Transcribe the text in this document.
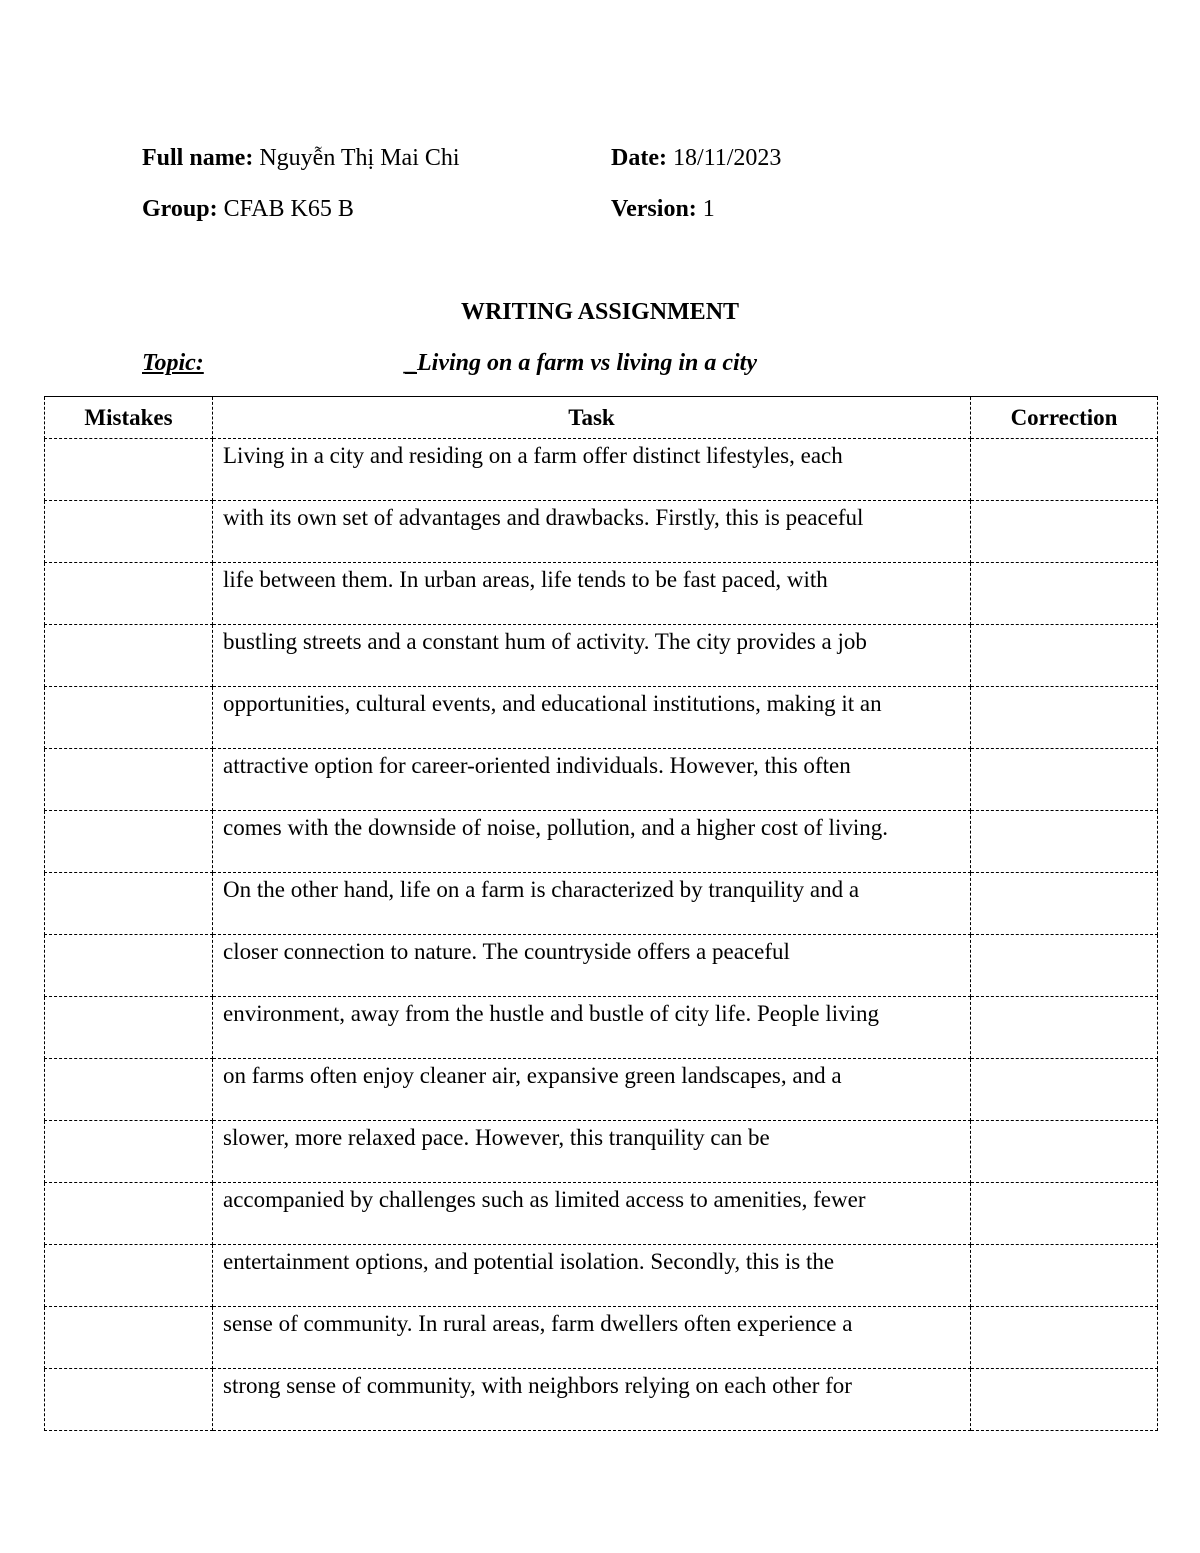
Full name: Nguyễn Thị Mai Chi	Date: 18/11/2023
Group: CFAB K65 B	Version: 1
WRITING ASSIGNMENT
Topic:	_Living on a farm vs living in a city
Mistakes	Task	Correction
	Living in a city and residing on a farm offer distinct lifestyles, each	
	with its own set of advantages and drawbacks. Firstly, this is peaceful	
	life between them. In urban areas, life tends to be fast paced, with	
	bustling streets and a constant hum of activity. The city provides a job	
	opportunities, cultural events, and educational institutions, making it an	
	attractive option for career-oriented individuals. However, this often	
	comes with the downside of noise, pollution, and a higher cost of living.	
	On the other hand, life on a farm is characterized by tranquility and a	
	closer connection to nature. The countryside offers a peaceful	
	environment, away from the hustle and bustle of city life. People living	
	on farms often enjoy cleaner air, expansive green landscapes, and a	
	slower, more relaxed pace. However, this tranquility can be	
	accompanied by challenges such as limited access to amenities, fewer	
	entertainment options, and potential isolation. Secondly, this is the	
	sense of community. In rural areas, farm dwellers often experience a	
	strong sense of community, with neighbors relying on each other for	
